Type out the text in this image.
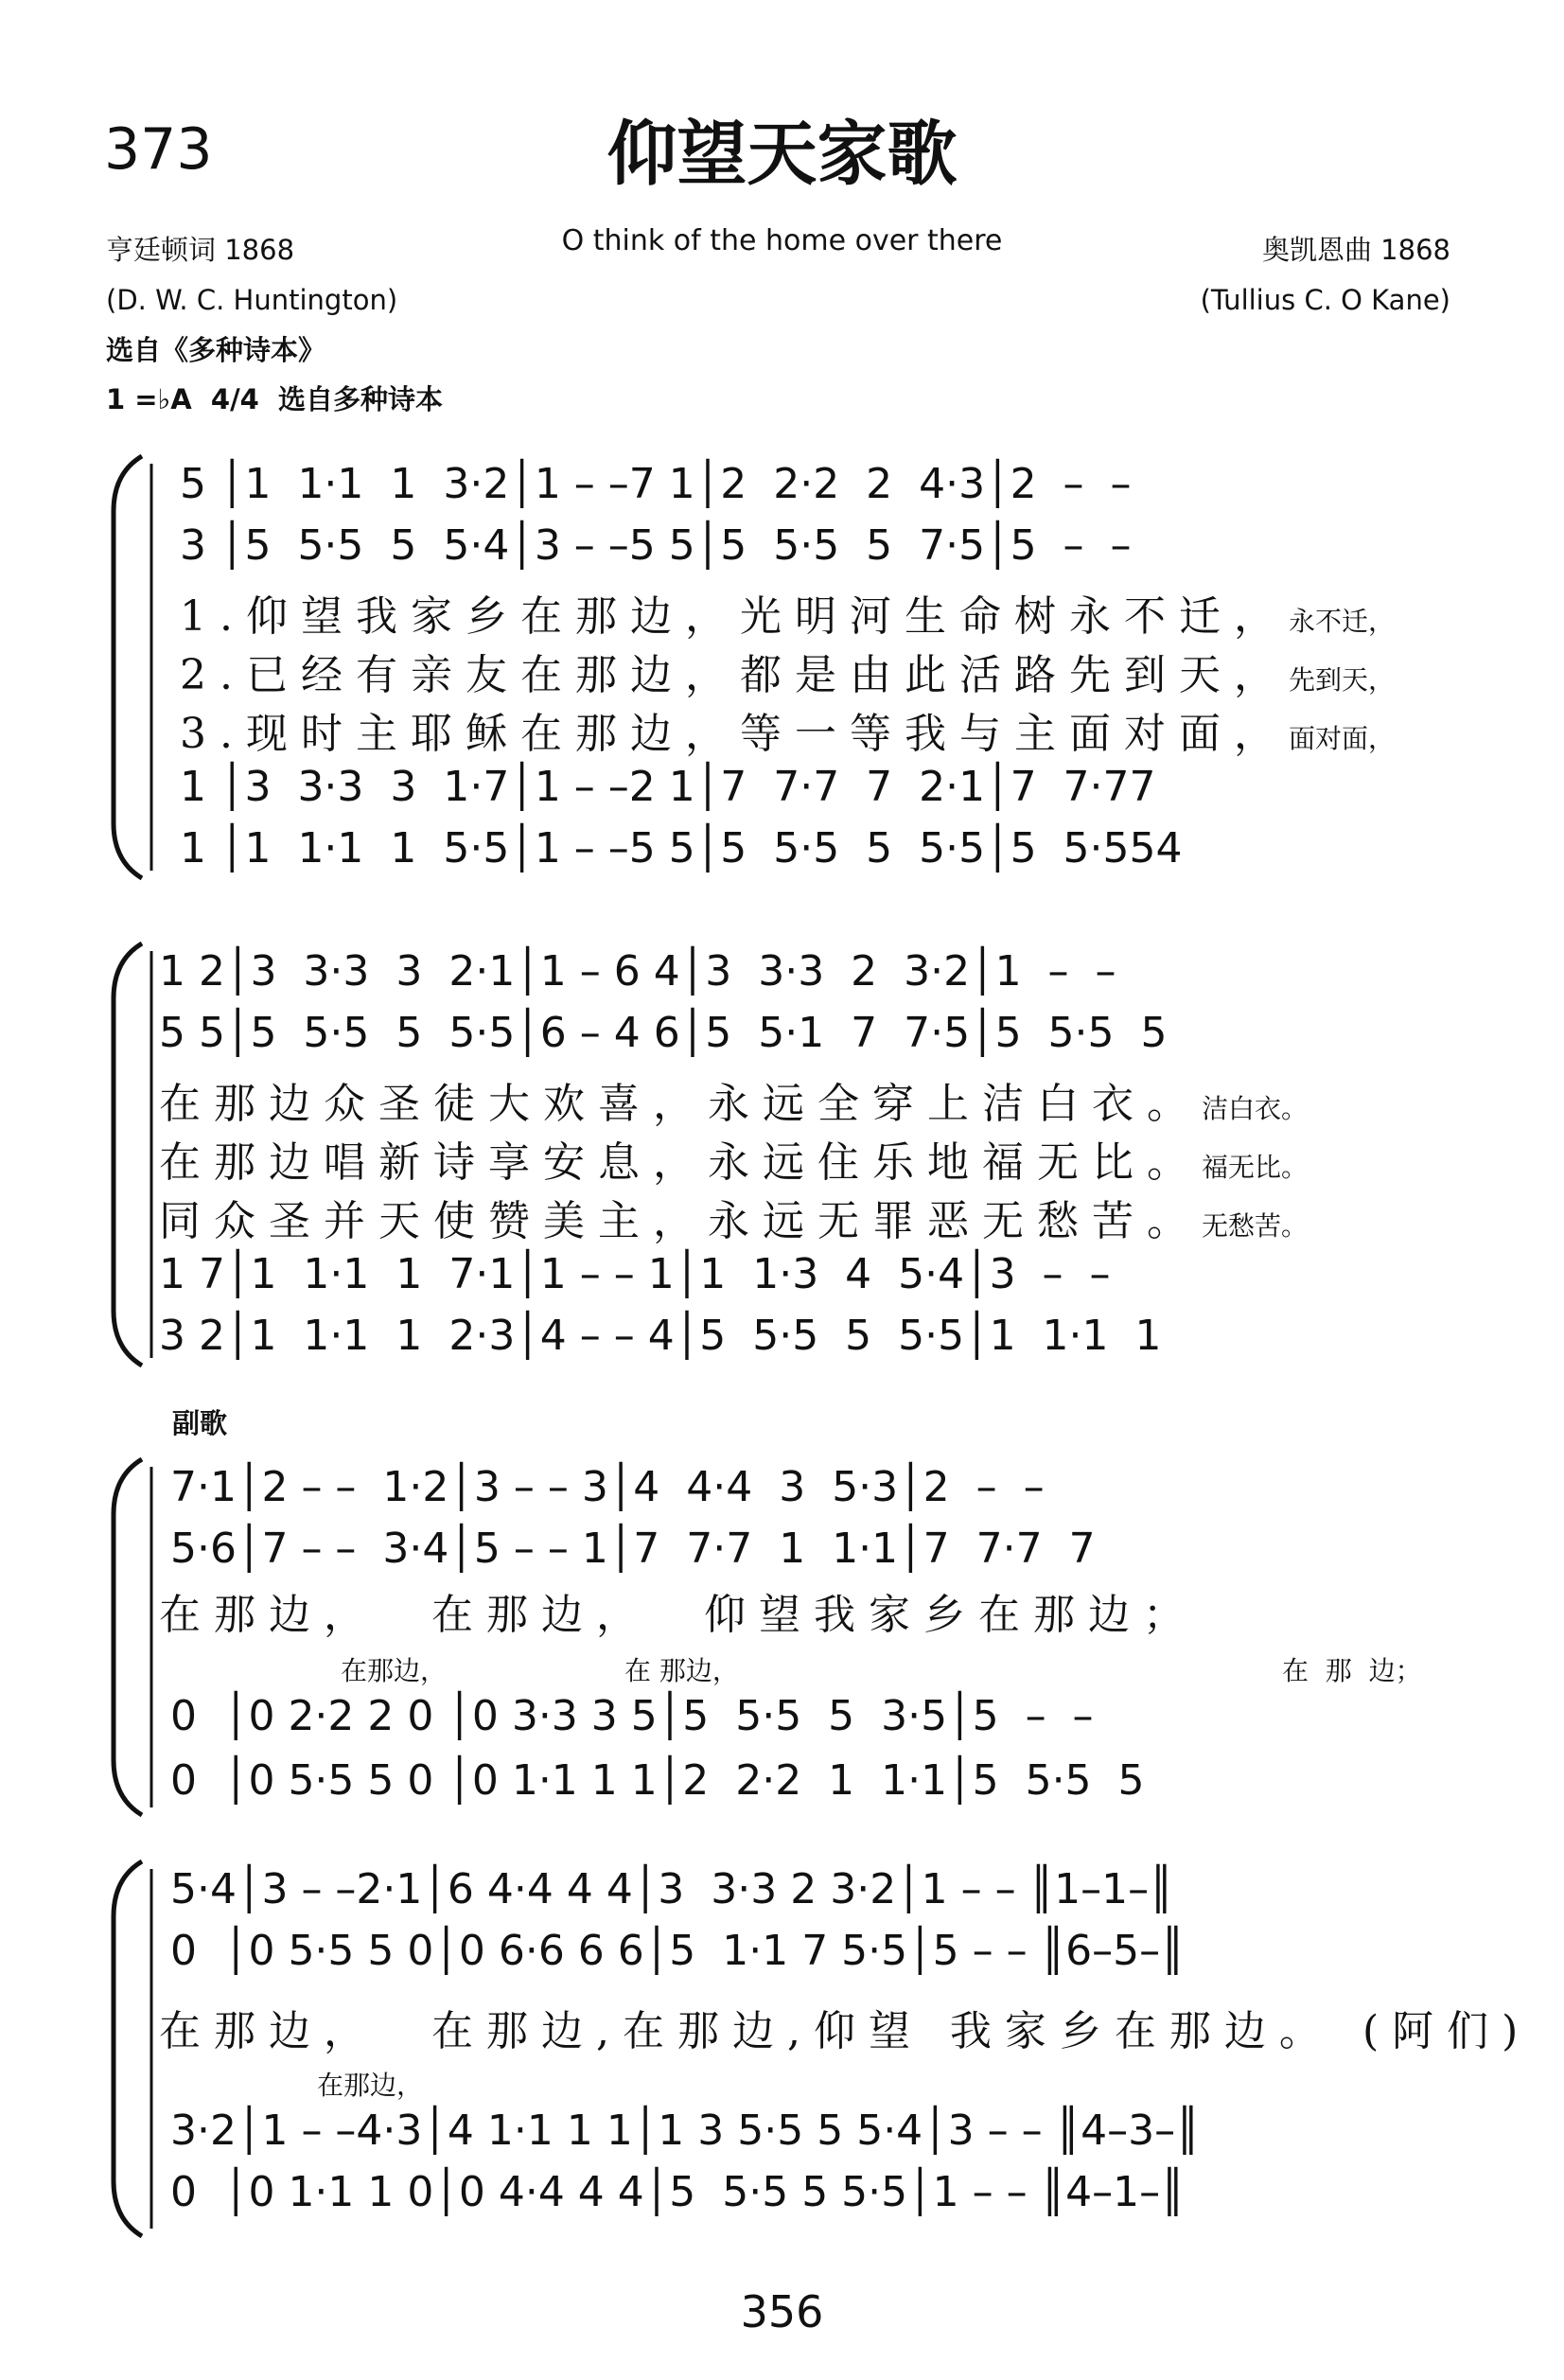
373	仰望天家歌
O think of the home over there
亨廷顿词 1868
(D. W. C. Huntington)
选自《多种诗本》
1 =♭A  4/4  选自多种诗本
奥凯恩曲 1868
(Tullius C. O Kane)
5 │1  1·1  1  3·2│1 – –7 1│2  2·2  2  4·3│2  –  –
3 │5  5·5  5  5·4│3 – –5 5│5  5·5  5  7·5│5  –  –
1.仰望我家乡在那边，光明河生命树永不迁，永不迁，
2.已经有亲友在那边，都是由此活路先到天，先到天，
3.现时主耶稣在那边，等一等我与主面对面，面对面，
1 │3  3·3  3  1·7│1 – –2 1│7  7·7  7  2·1│7  7·77
1 │1  1·1  1  5·5│1 – –5 5│5  5·5  5  5·5│5  5·554
1 2│3  3·3  3  2·1│1 – 6 4│3  3·3  2  3·2│1  –  –
5 5│5  5·5  5  5·5│6 – 4 6│5  5·1  7  7·5│5  5·5  5
在那边众圣徒大欢喜，永远全穿上洁白衣。洁白衣。
在那边唱新诗享安息，永远住乐地福无比。福无比。
同众圣并天使赞美主，永远无罪恶无愁苦。无愁苦。
1 7│1  1·1  1  7·1│1 – – 1│1  1·3  4  5·4│3  –  –
3 2│1  1·1  1  2·3│4 – – 4│5  5·5  5  5·5│1  1·1  1
副歌
7·1│2 – –  1·2│3 – – 3│4  4·4  3  5·3│2  –  –
5·6│7 – –  3·4│5 – – 1│7  7·7  1  1·1│7  7·7  7
在那边，  在那边，  仰望我家乡在那边；
在那边，	在 那边，	在  那  边；
0  │0 2·2 2 0 │0 3·3 3 5│5  5·5  5  3·5│5  –  –
0  │0 5·5 5 0 │0 1·1 1 1│2  2·2  1  1·1│5  5·5  5
5·4│3 – –2·1│6 4·4 4 4│3  3·3 2 3·2│1 – – ║1–1–║
0  │0 5·5 5 0│0 6·6 6 6│5  1·1 7 5·5│5 – – ║6–5–║
在那边，  在那边,在那边,仰望 我家乡在那边。 (阿们)
在那边，
3·2│1 – –4·3│4 1·1 1 1│1 3 5·5 5 5·4│3 – – ║4–3–║
0  │0 1·1 1 0│0 4·4 4 4│5  5·5 5 5·5│1 – – ║4–1–║
356
